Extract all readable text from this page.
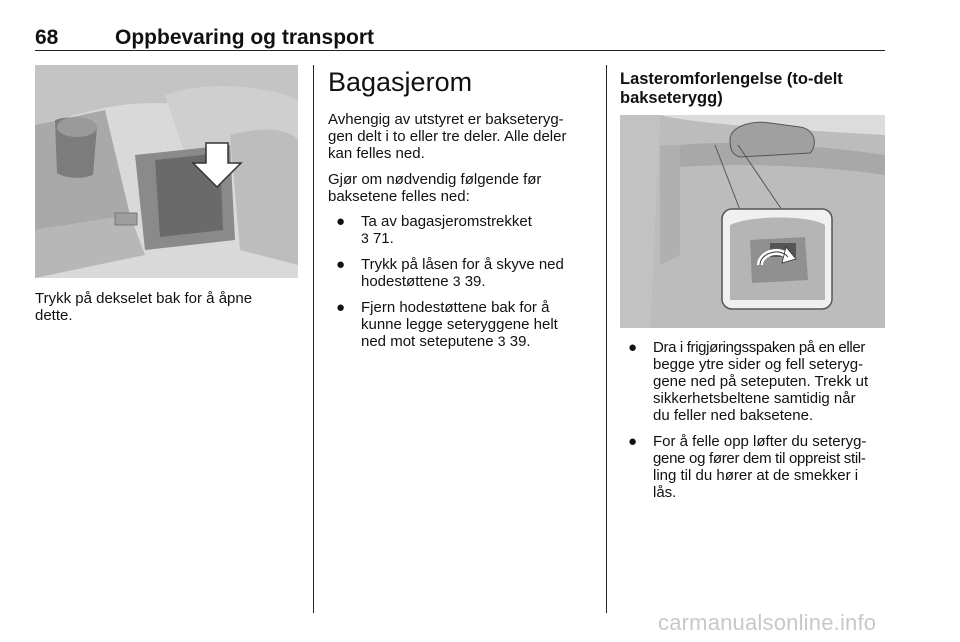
68	Oppbevaring og transport

Trykk på dekselet bak for å åpne

dette.

Bagasjerom

Avhengig av utstyret er bakseteryg-

gen delt i to eller tre deler. Alle deler

kan felles ned.

Gjør om nødvendig følgende før

baksetene felles ned:

● Ta av bagasjeromstrekket
3 71.
● Trykk på låsen for å skyve ned
hodestøttene 3 39.
● Fjern hodestøttene bak for å
kunne legge seteryggene helt
ned mot seteputene 3 39.
Lasteromforlengelse (to-delt
bakseterygg)
● Dra i frigjøringsspaken på en eller
begge ytre sider og fell seteryg-
gene ned på seteputen. Trekk ut
sikkerhetsbeltene samtidig når
du feller ned baksetene.
● For å felle opp løfter du seteryg-
gene og fører dem til oppreist stil-
ling til du hører at de smekker i
lås.
carmanualsonline.info
